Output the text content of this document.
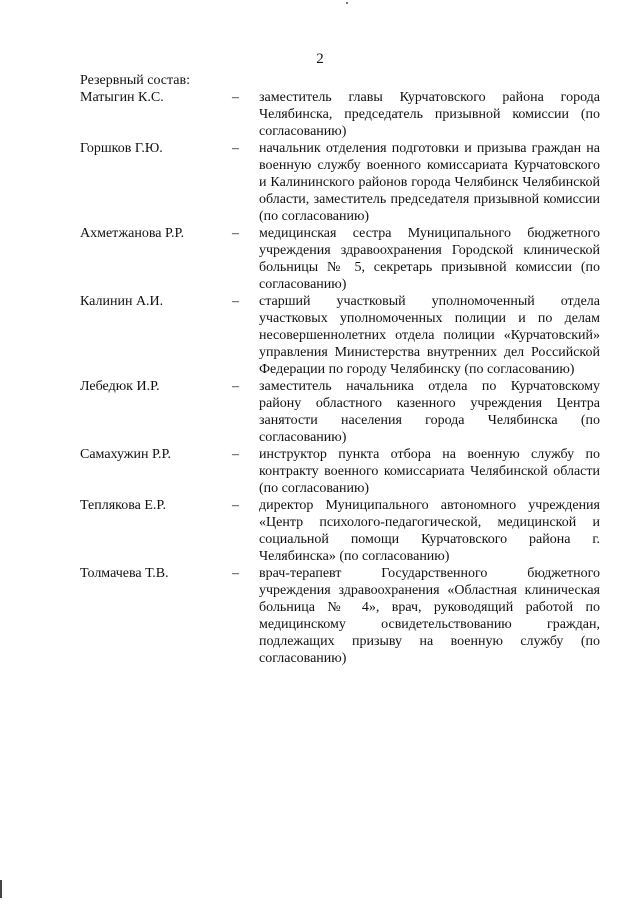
2
Резервный состав:
Матыгин К.С.	–	заместитель главы Курчатовского района города Челябинска, председатель призывной комиссии (по согласованию)
Горшков Г.Ю.	–	начальник отделения подготовки и призыва граждан на военную службу военного комиссариата Курчатовского и Калининского районов города Челябинск Челябинской области, заместитель председателя призывной комиссии (по согласованию)
Ахметжанова Р.Р.	–	медицинская сестра Муниципального бюджетного учреждения здравоохранения Городской клинической больницы № 5, секретарь призывной комиссии (по согласованию)
Калинин А.И.	–	старший участковый уполномоченный отдела участковых уполномоченных полиции и по делам несовершеннолетних отдела полиции «Курчатовский» управления Министерства внутренних дел Российской Федерации по городу Челябинску (по согласованию)
Лебедюк И.Р.	–	заместитель начальника отдела по Курчатовскому району областного казенного учреждения Центра занятости населения города Челябинска (по согласованию)
Самахужин Р.Р.	–	инструктор пункта отбора на военную службу по контракту военного комиссариата Челябинской области (по согласованию)
Теплякова Е.Р.	–	директор Муниципального автономного учреждения «Центр психолого-педагогической, медицинской и социальной помощи Курчатовского района г. Челябинска» (по согласованию)
Толмачева Т.В.	–	врач-терапевт Государственного бюджетного учреждения здравоохранения «Областная клиническая больница № 4», врач, руководящий работой по медицинскому освидетельствованию граждан, подлежащих призыву на военную службу (по согласованию)
